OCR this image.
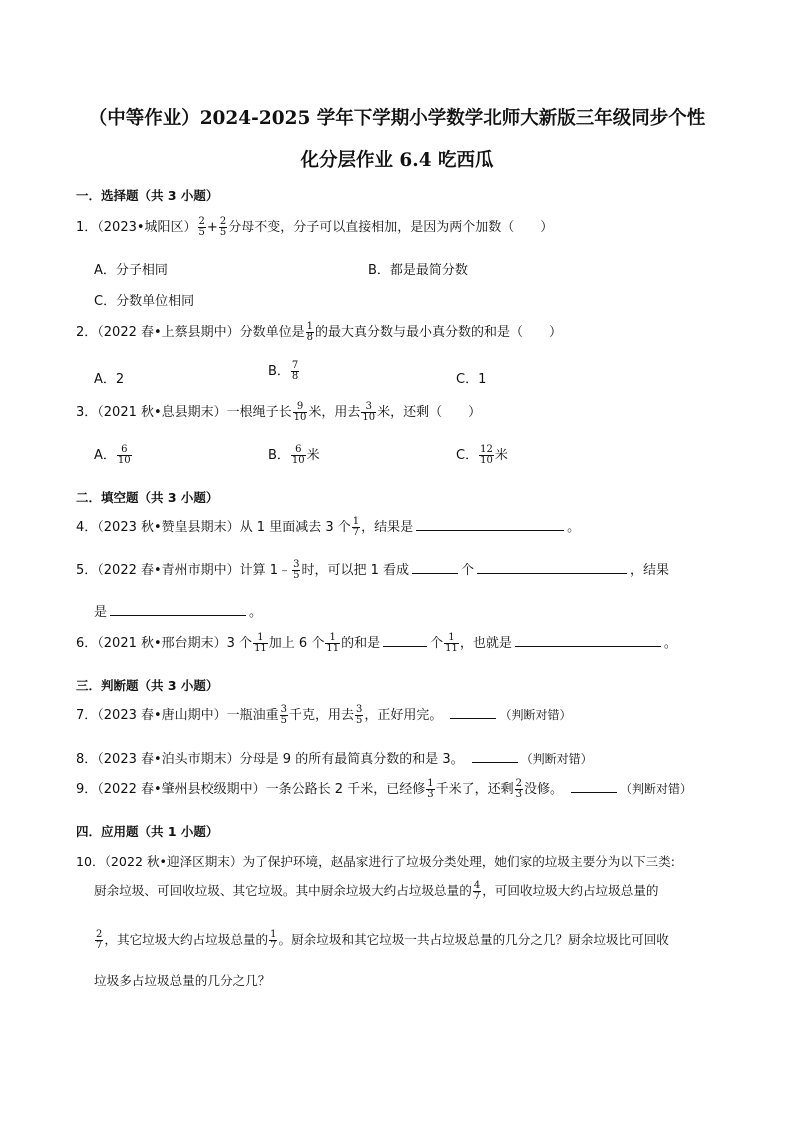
（中等作业）2024-2025 学年下学期小学数学北师大新版三年级同步个性
化分层作业 6.4 吃西瓜
一．选择题（共 3 小题）
1．（2023•城阳区） $\frac{2}{5} + \frac{2}{5}$ 分母不变，分子可以直接相加，是因为两个加数（　　）
A．分子相同	B．都是最简分数
C．分数单位相同
2．（2022 春•上蔡县期中）分数单位是 $\frac{1}{8}$ 的最大真分数与最小真分数的和是（　　）
A．2
B． $\frac{7}{8}$	C．1
3．（2021 秋•息县期末）一根绳子长 $\frac{9}{10}$ 米，用去 $\frac{3}{10}$ 米，还剩（　　）
A． $\frac{6}{10}$	B． $\frac{6}{10}$ 米	C． $\frac{12}{10}$ 米
二．填空题（共 3 小题）
4．（2023 秋•赞皇县期末）从 1 里面减去 3 个 $\frac{1}{7}$ ，结果是	。
5．（2022 春•青州市期中）计算 1﹣ $\frac{3}{5}$ 时，可以把 1 看成	个	，结果
是	。
6．（2021 秋•邢台期末）3 个 $\frac{1}{11}$ 加上 6 个 $\frac{1}{11}$ 的和是	个 $\frac{1}{11}$ ，也就是	。
三．判断题（共 3 小题）
7．（2023 春•唐山期中）一瓶油重 $\frac{3}{5}$ 千克，用去 $\frac{3}{5}$ ，正好用完。	（判断对错）
8．（2023 春•泊头市期末）分母是 9 的所有最简真分数的和是 3。	（判断对错）
9．（2022 春•肇州县校级期中）一条公路长 2 千米，已经修 $\frac{1}{3}$ 千米了，还剩 $\frac{2}{3}$ 没修。	（判断对错）
四．应用题（共 1 小题）
10．（2022 秋•迎泽区期末）为了保护环境，赵晶家进行了垃圾分类处理，她们家的垃圾主要分为以下三类:
厨余垃圾、可回收垃圾、其它垃圾。其中厨余垃圾大约占垃圾总量的 $\frac{4}{7}$ ，可回收垃圾大约占垃圾总量的
$\frac{2}{7}$ ，其它垃圾大约占垃圾总量的 $\frac{1}{7}$ 。厨余垃圾和其它垃圾一共占垃圾总量的几分之几？厨余垃圾比可回收
垃圾多占垃圾总量的几分之几？
